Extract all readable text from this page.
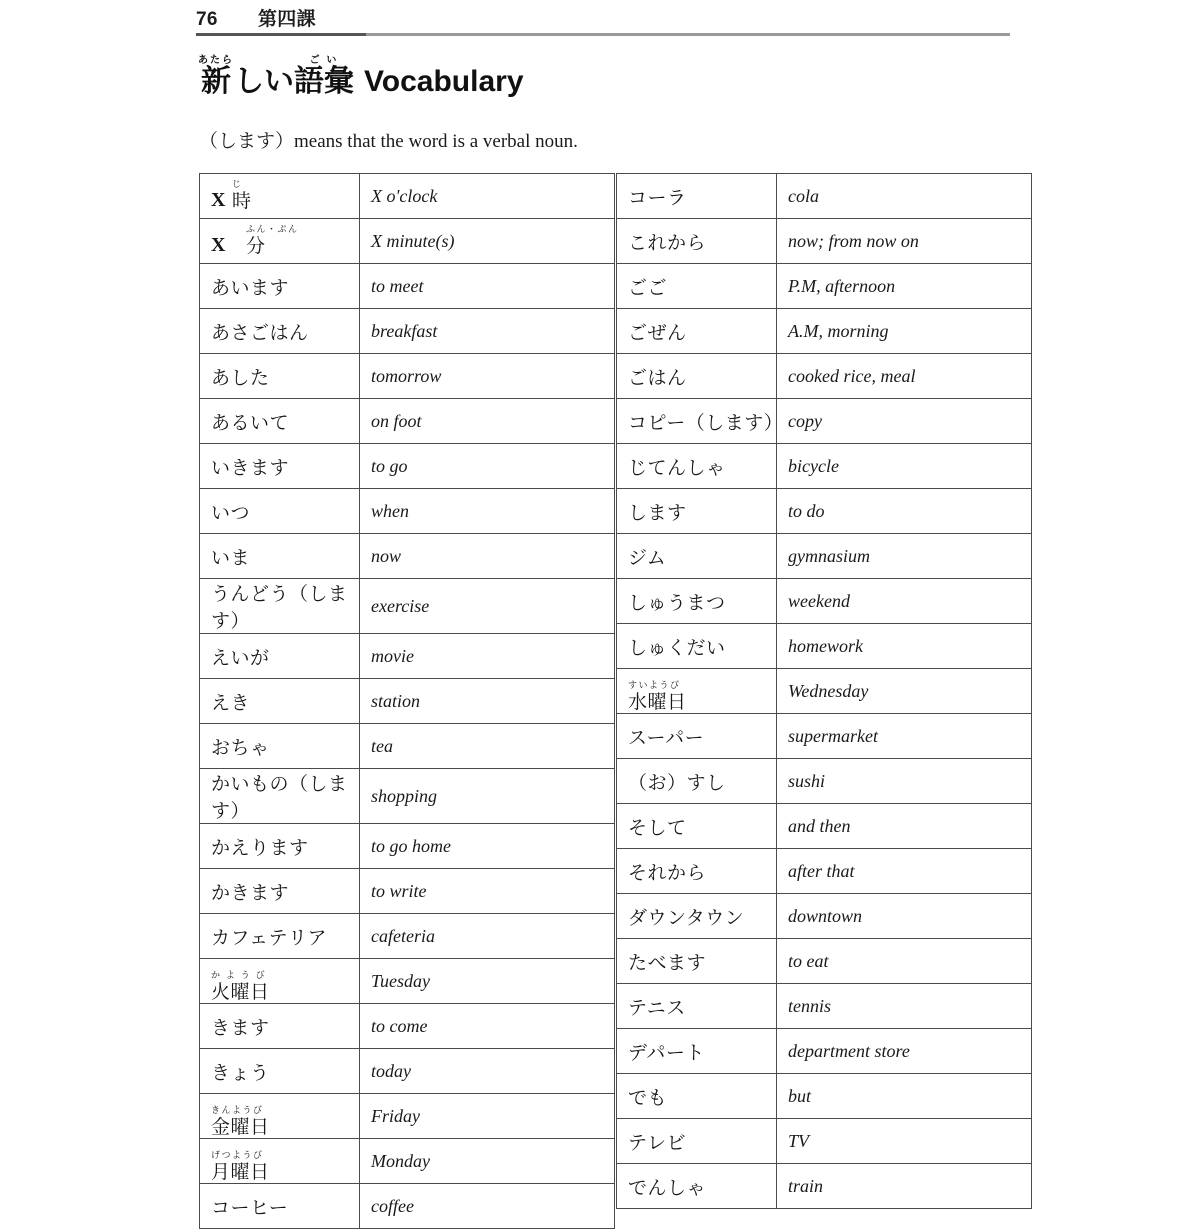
76	第四課
あたら
新 しい
ご い
語彙 Vocabulary
（します）means that the word is a verbal noun.
X
じ
時	X o'clock

X
ふん・ぷん
分	X minute(s)
あいます	to meet
あさごはん	breakfast
あした	tomorrow
あるいて	on foot
いきます	to go
いつ	when
いま	now
うんどう（します）	exercise
えいが	movie
えき	station
おちゃ	tea
かいもの（します）	shopping
かえります	to go home
かきます	to write
カフェテリア	cafeteria

か よ う び
火曜日	Tuesday
きます	to come
きょう	today

きんようび
金曜日	Friday

げつようび
月曜日	Monday
コーヒー	coffee
コーラ	cola
これから	now; from now on
ごご	P.M, afternoon
ごぜん	A.M, morning
ごはん	cooked rice, meal
コピー（します）	copy
じてんしゃ	bicycle
します	to do
ジム	gymnasium
しゅうまつ	weekend
しゅくだい	homework

すいようび
水曜日	Wednesday
スーパー	supermarket
（お）すし	sushi
そして	and then
それから	after that
ダウンタウン	downtown
たべます	to eat
テニス	tennis
デパート	department store
でも	but
テレビ	TV
でんしゃ	train
